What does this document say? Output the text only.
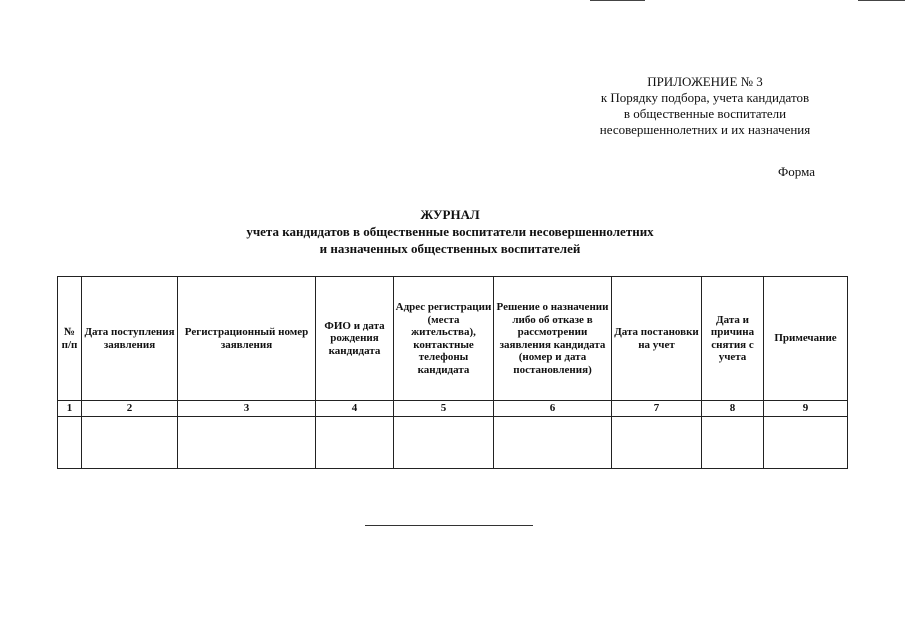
ПРИЛОЖЕНИЕ № 3
к Порядку подбора, учета кандидатов
в общественные воспитатели
несовершеннолетних и их назначения
Форма
ЖУРНАЛ
учета кандидатов в общественные воспитатели несовершеннолетних
и назначенных общественных воспитателей
№ п/п	Дата поступления заявления	Регистрационный номер заявления	ФИО и дата рождения кандидата	Адрес регистрации (места жительства), контактные телефоны кандидата	Решение о назначении либо об отказе в рассмотрении заявления кандидата (номер и дата постановления)	Дата постановки на учет	Дата и причина снятия с учета	Примечание
1	2	3	4	5	6	7	8	9
